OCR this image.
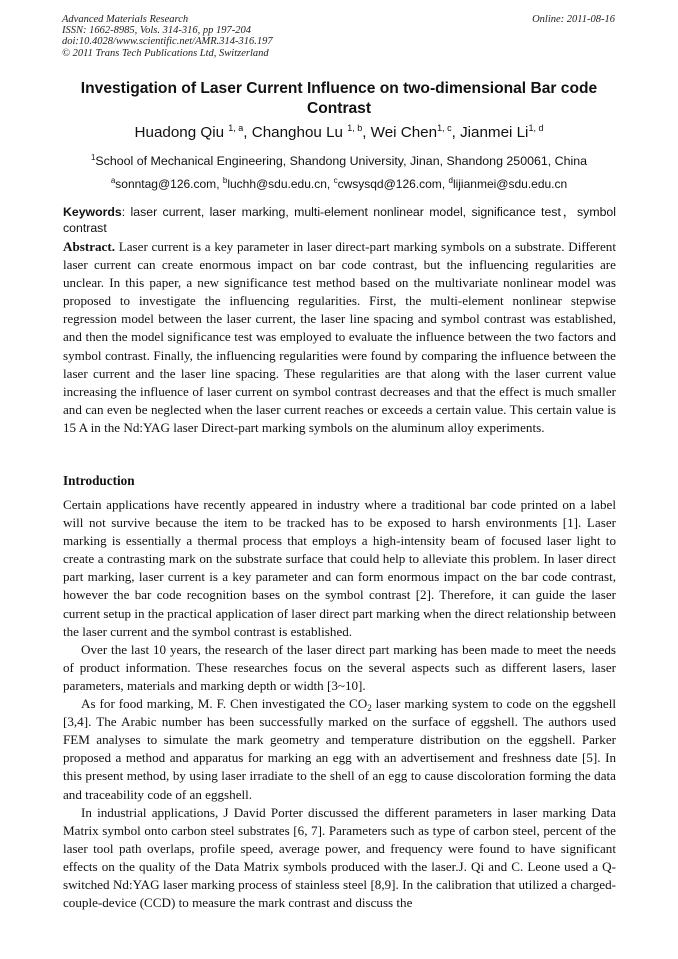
Advanced Materials Research
ISSN: 1662-8985, Vols. 314-316, pp 197-204
doi:10.4028/www.scientific.net/AMR.314-316.197
© 2011 Trans Tech Publications Ltd, Switzerland
Online: 2011-08-16
Investigation of Laser Current Influence on two-dimensional Bar code Contrast
Huadong Qiu $^{1, a}$, Changhou Lu $^{1, b}$, Wei Chen$^{1, c}$, Jianmei Li$^{1, d}$
$^1$School of Mechanical Engineering, Shandong University, Jinan, Shandong 250061, China
$^a$sonntag@126.com, $^b$luchh@sdu.edu.cn, $^c$cwsysqd@126.com, $^d$lijianmei@sdu.edu.cn
Keywords: laser current, laser marking, multi-element nonlinear model, significance test，symbol contrast
Abstract. Laser current is a key parameter in laser direct-part marking symbols on a substrate. Different laser current can create enormous impact on bar code contrast, but the influencing regularities are unclear. In this paper, a new significance test method based on the multivariate nonlinear model was proposed to investigate the influencing regularities. First, the multi-element nonlinear stepwise regression model between the laser current, the laser line spacing and symbol contrast was established, and then the model significance test was employed to evaluate the influence between the two factors and symbol contrast. Finally, the influencing regularities were found by comparing the influence between the laser current and the laser line spacing. These regularities are that along with the laser current value increasing the influence of laser current on symbol contrast decreases and that the effect is much smaller and can even be neglected when the laser current reaches or exceeds a certain value. This certain value is 15 A in the Nd:YAG laser Direct-part marking symbols on the aluminum alloy experiments.
Introduction

Certain applications have recently appeared in industry where a traditional bar code printed on a label will not survive because the item to be tracked has to be exposed to harsh environments [1]. Laser marking is essentially a thermal process that employs a high-intensity beam of focused laser light to create a contrasting mark on the substrate surface that could help to alleviate this problem. In laser direct part marking, laser current is a key parameter and can form enormous impact on the bar code contrast, however the bar code recognition bases on the symbol contrast [2]. Therefore, it can guide the laser current setup in the practical application of laser direct part marking when the direct relationship between the laser current and the symbol contrast is established.

Over the last 10 years, the research of the laser direct part marking has been made to meet the needs of product information. These researches focus on the several aspects such as different lasers, laser parameters, materials and marking depth or width [3~10].

As for food marking, M. F. Chen investigated the $CO_2$ laser marking system to code on the eggshell [3,4]. The Arabic number has been successfully marked on the surface of eggshell. The authors used FEM analyses to simulate the mark geometry and temperature distribution on the eggshell. Parker proposed a method and apparatus for marking an egg with an advertisement and freshness date [5]. In this present method, by using laser irradiate to the shell of an egg to cause discoloration forming the data and traceability code of an eggshell.

In industrial applications, J David Porter discussed the different parameters in laser marking Data Matrix symbol onto carbon steel substrates [6, 7]. Parameters such as type of carbon steel, percent of the laser tool path overlaps, profile speed, average power, and frequency were found to have significant effects on the quality of the Data Matrix symbols produced with the laser.J. Qi and C. Leone used a Q-switched Nd:YAG laser marking process of stainless steel [8,9]. In the calibration that utilized a charged-couple-device (CCD) to measure the mark contrast and discuss the
